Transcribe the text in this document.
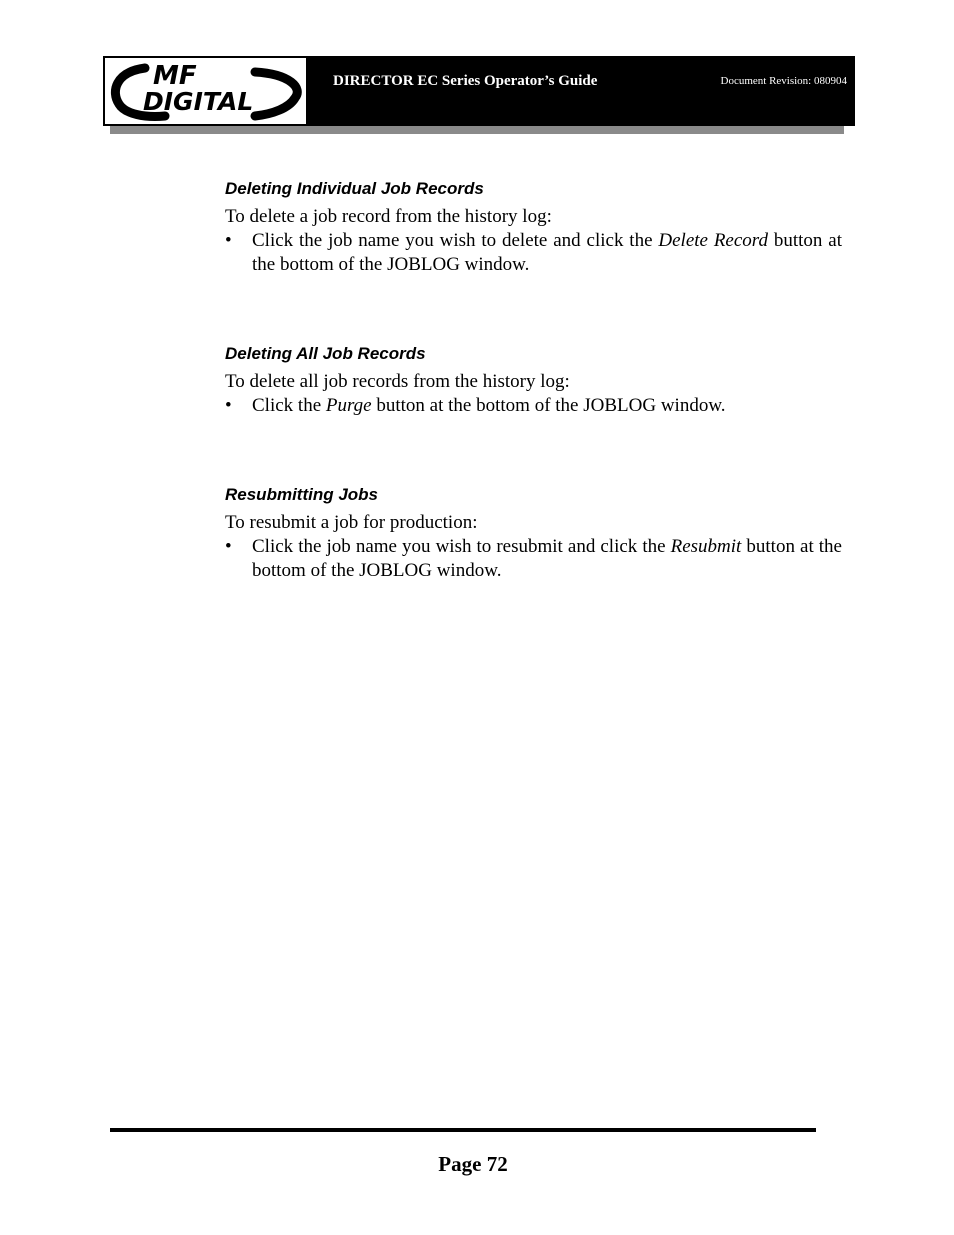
MF
DIGITAL
DIRECTOR EC Series Operator’s Guide	Document Revision: 080904
Deleting Individual Job Records

To delete a job record from the history log:

•	Click the job name you wish to delete and click the Delete Record button at the bottom of the JOBLOG window.
Deleting All Job Records

To delete all job records from the history log:

•	Click the Purge button at the bottom of the JOBLOG window.
Resubmitting Jobs

To resubmit a job for production:

•	Click the job name you wish to resubmit and click the Resubmit button at the bottom of the JOBLOG window.
Page 72
